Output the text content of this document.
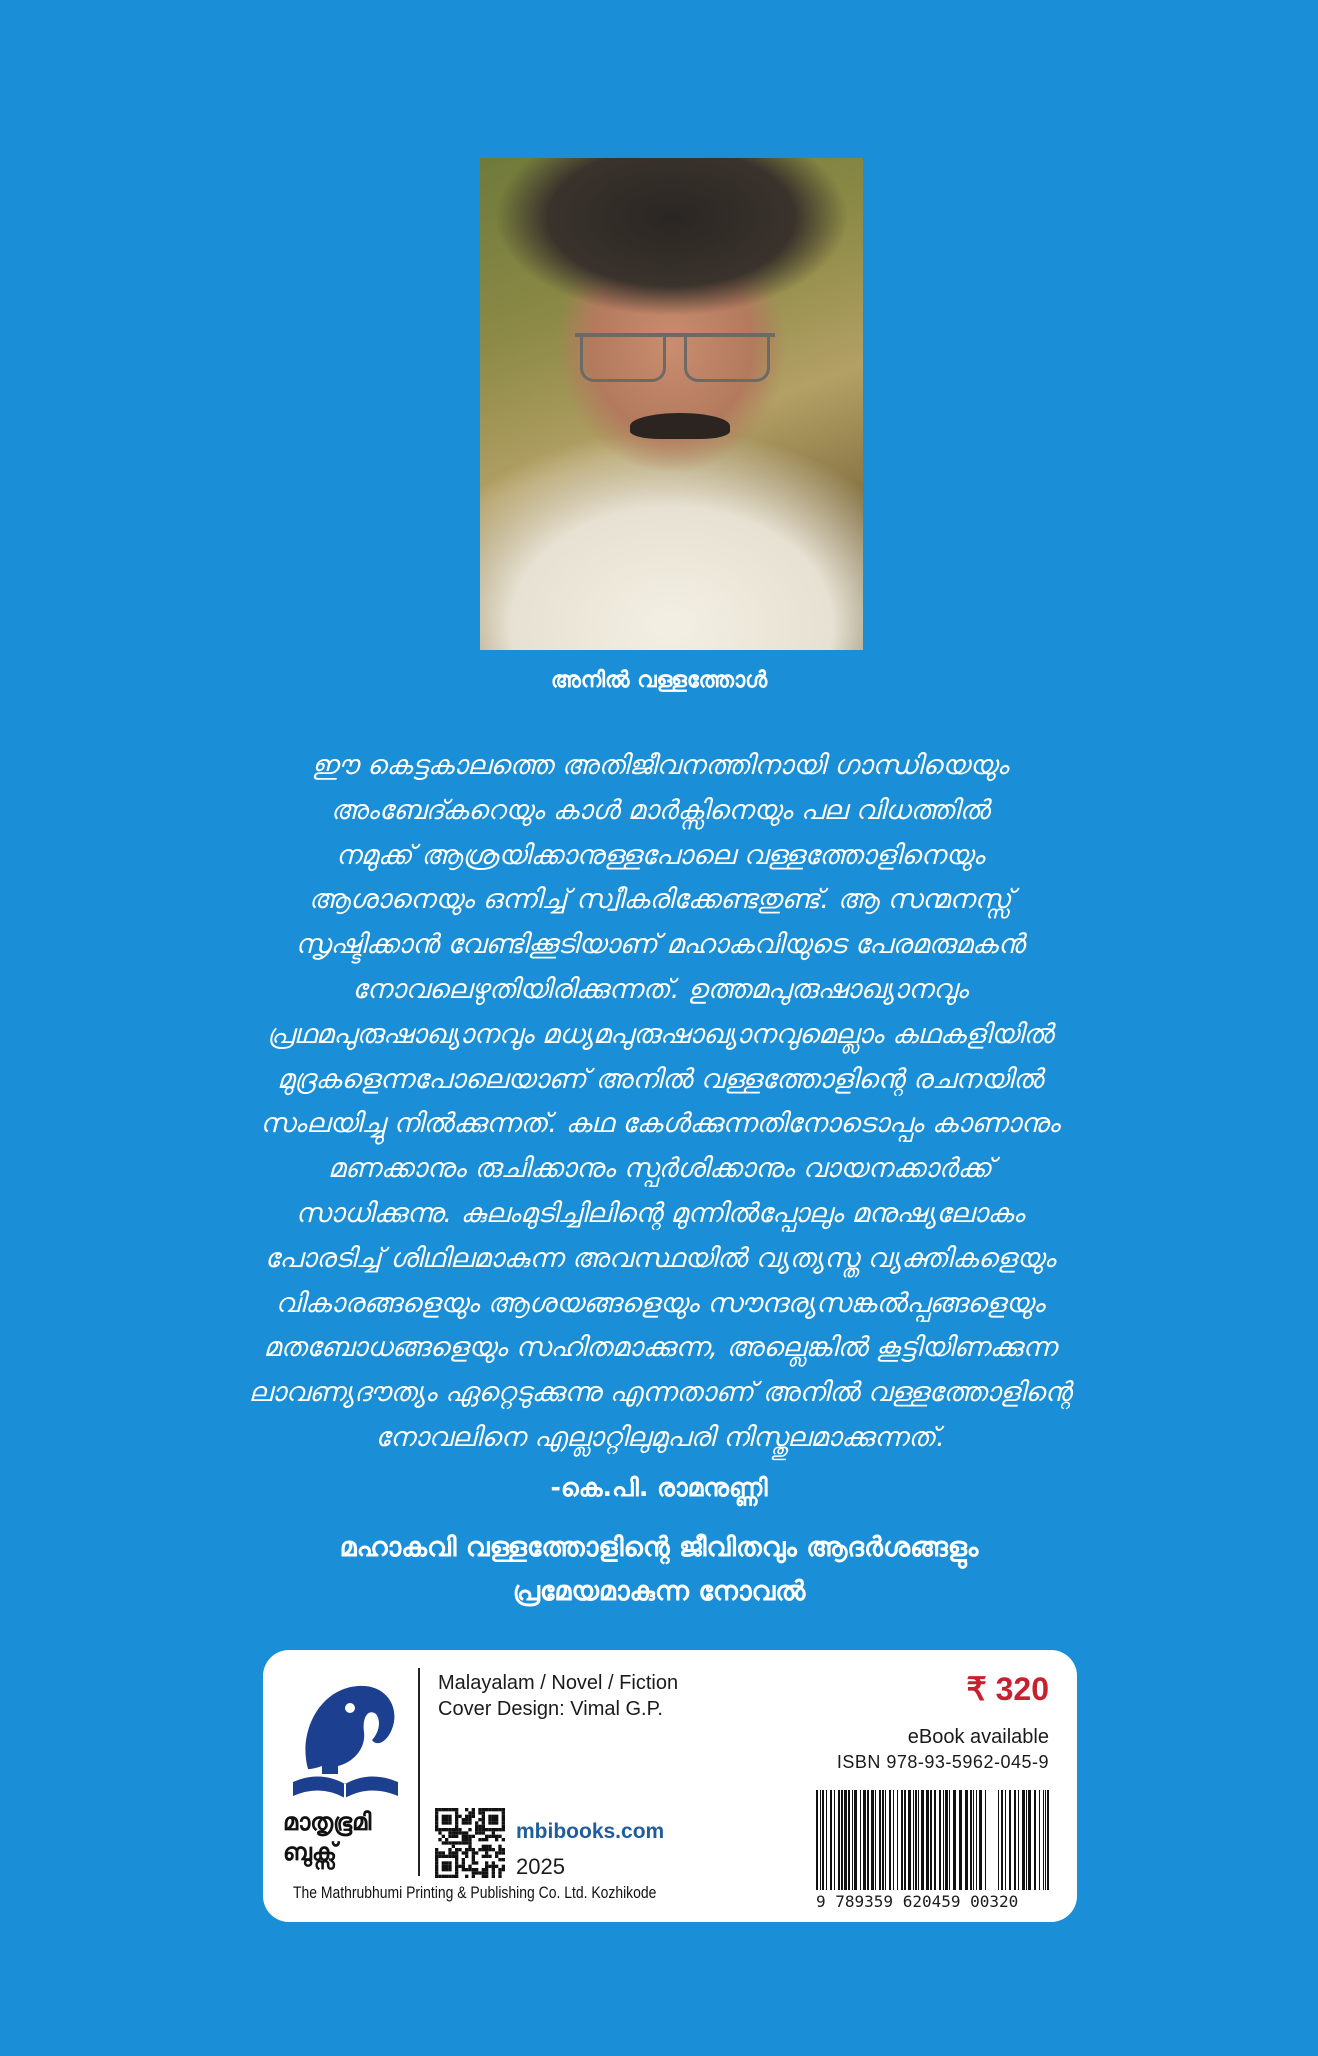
അനിൽ വള്ളത്തോൾ
ഈ കെട്ടകാലത്തെ അതിജീവനത്തിനായി ഗാന്ധിയെയും
അംബേദ്കറെയും കാൾ മാർക്സിനെയും പല വിധത്തിൽ
നമുക്ക് ആശ്രയിക്കാനുള്ളപോലെ വള്ളത്തോളിനെയും
ആശാനെയും ഒന്നിച്ച് സ്വീകരിക്കേണ്ടതുണ്ട്. ആ സന്മനസ്സ്
സൃഷ്ടിക്കാൻ വേണ്ടിക്കൂടിയാണ് മഹാകവിയുടെ പേരമരുമകൻ
നോവലെഴുതിയിരിക്കുന്നത്. ഉത്തമപുരുഷാഖ്യാനവും
പ്രഥമപുരുഷാഖ്യാനവും മധ്യമപുരുഷാഖ്യാനവുമെല്ലാം കഥകളിയിൽ
മുദ്രകളെന്നപോലെയാണ് അനിൽ വള്ളത്തോളിന്റെ രചനയിൽ
സംലയിച്ചു നിൽക്കുന്നത്. കഥ കേൾക്കുന്നതിനോടൊപ്പം കാണാനും
മണക്കാനും രുചിക്കാനും സ്പർശിക്കാനും വായനക്കാർക്ക്
സാധിക്കുന്നു. കുലംമുടിച്ചിലിന്റെ മുന്നിൽപ്പോലും മനുഷ്യലോകം
പോരടിച്ച് ശിഥിലമാകുന്ന അവസ്ഥയിൽ വ്യത്യസ്ത വ്യക്തികളെയും
വികാരങ്ങളെയും ആശയങ്ങളെയും സൗന്ദര്യസങ്കൽപ്പങ്ങളെയും
മതബോധങ്ങളെയും സഹിതമാക്കുന്ന, അല്ലെങ്കിൽ കൂട്ടിയിണക്കുന്ന
ലാവണ്യദൗത്യം ഏറ്റെടുക്കുന്നു എന്നതാണ് അനിൽ വള്ളത്തോളിന്റെ
നോവലിനെ എല്ലാറ്റിലുമുപരി നിസ്തുലമാക്കുന്നത്.
-കെ.പി. രാമനുണ്ണി
മഹാകവി വള്ളത്തോളിന്റെ ജീവിതവും ആദർശങ്ങളും
പ്രമേയമാകുന്ന നോവൽ
മാതൃഭൂമി
ബുക്സ്
The Mathrubhumi Printing & Publishing Co. Ltd. Kozhikode
Malayalam / Novel / Fiction
Cover Design: Vimal G.P.
₹ 320
eBook available
ISBN 978-93-5962-045-9
mbibooks.com
2025
9 789359 620459 00320
